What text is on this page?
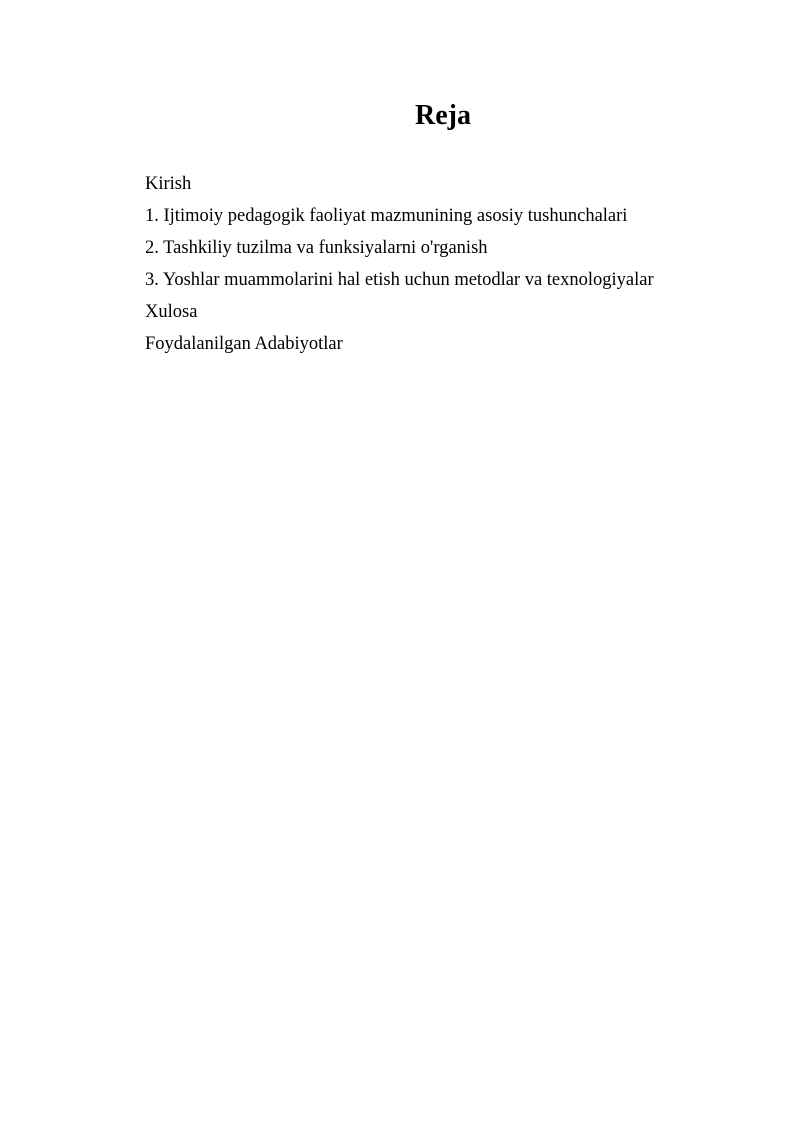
Reja
Kirish
1. Ijtimoiy pedagogik faoliyat mazmunining asosiy tushunchalari
2. Tashkiliy tuzilma va funksiyalarni o'rganish
3. Yoshlar muammolarini hal etish uchun metodlar va texnologiyalar
Xulosa
Foydalanilgan Adabiyotlar
